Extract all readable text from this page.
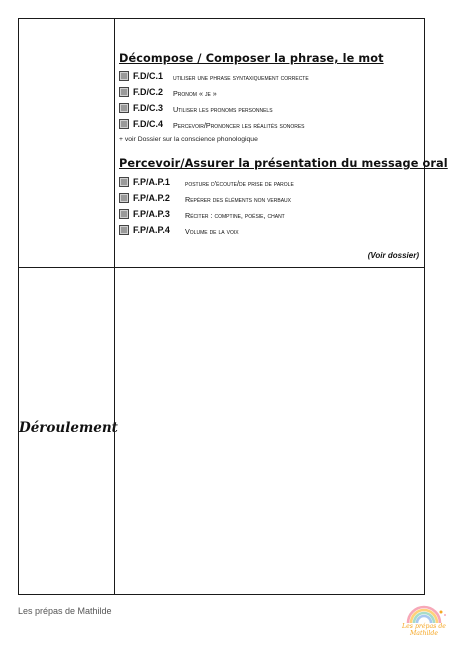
Décompose / Composer la phrase, le mot
F.D/C.1 utiliser une phrase syntaxiquement correcte
F.D/C.2 Pronom « je »
F.D/C.3 Utiliser les pronoms personnels
F.D/C.4 Percevoir/Prononcer les réalités sonores
+ voir Dossier sur la conscience phonologique
Percevoir/Assurer la présentation du message oral
F.P/A.P.1 posture d'écoute/de prise de parole
F.P/A.P.2 Repérer des éléments non verbaux
F.P/A.P.3 Réciter : comptine, poésie, chant
F.P/A.P.4 Volume de la voix
(Voir dossier)
Déroulement
Les prépas de Mathilde
Les prépas de
Mathilde
